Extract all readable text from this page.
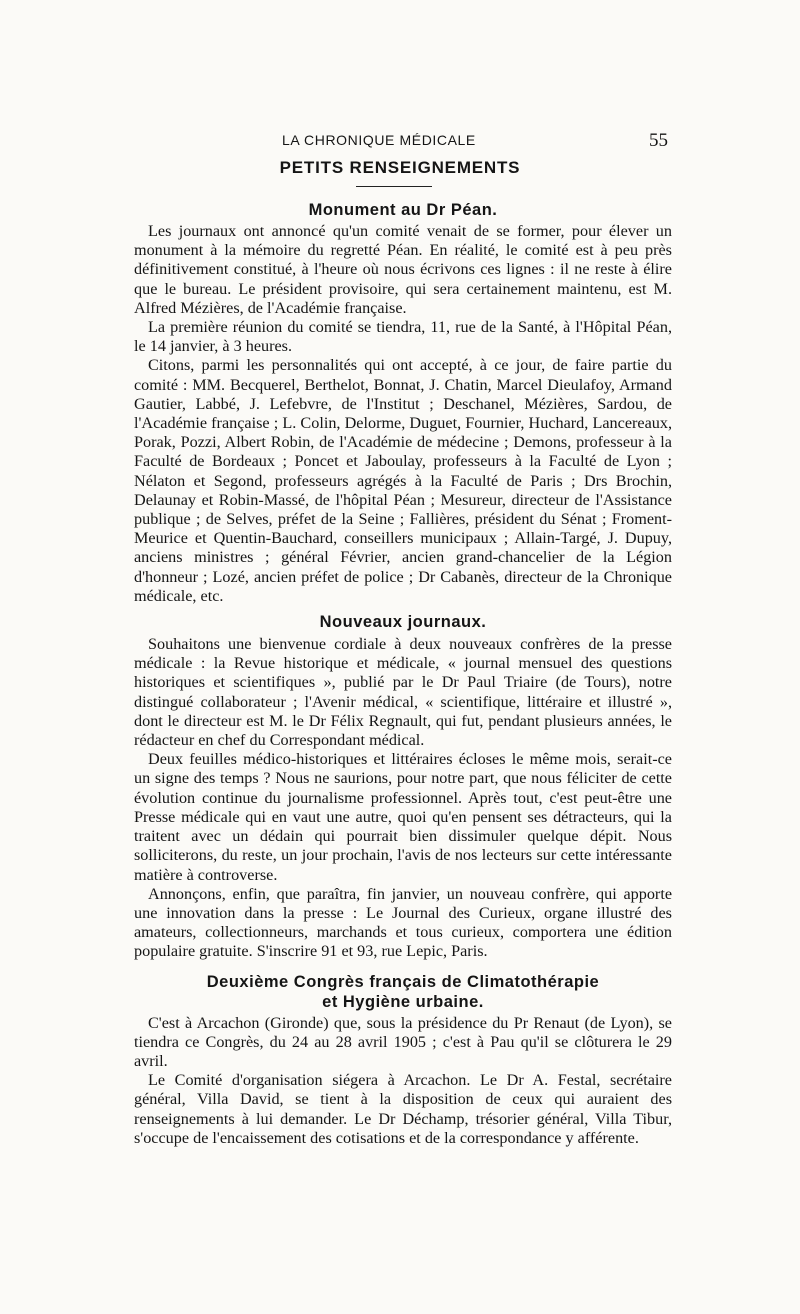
LA CHRONIQUE MÉDICALE	55
PETITS RENSEIGNEMENTS
Monument au Dr Péan.

Les journaux ont annoncé qu'un comité venait de se former, pour élever un monument à la mémoire du regretté Péan. En réalité, le comité est à peu près définitivement constitué, à l'heure où nous écrivons ces lignes : il ne reste à élire que le bureau. Le président provisoire, qui sera certainement maintenu, est M. Alfred Mézières, de l'Académie française.

La première réunion du comité se tiendra, 11, rue de la Santé, à l'Hôpital Péan, le 14 janvier, à 3 heures.

Citons, parmi les personnalités qui ont accepté, à ce jour, de faire partie du comité : MM. Becquerel, Berthelot, Bonnat, J. Chatin, Marcel Dieulafoy, Armand Gautier, Labbé, J. Lefebvre, de l'Institut ; Deschanel, Mézières, Sardou, de l'Académie française ; L. Colin, Delorme, Duguet, Fournier, Huchard, Lancereaux, Porak, Pozzi, Albert Robin, de l'Académie de médecine ; Demons, professeur à la Faculté de Bordeaux ; Poncet et Jaboulay, professeurs à la Faculté de Lyon ; Nélaton et Segond, professeurs agrégés à la Faculté de Paris ; Drs Brochin, Delaunay et Robin-Massé, de l'hôpital Péan ; Mesureur, directeur de l'Assistance publique ; de Selves, préfet de la Seine ; Fallières, président du Sénat ; Froment-Meurice et Quentin-Bauchard, conseillers municipaux ; Allain-Targé, J. Dupuy, anciens ministres ; général Février, ancien grand-chancelier de la Légion d'honneur ; Lozé, ancien préfet de police ; Dr Cabanès, directeur de la Chronique médicale, etc.

Nouveaux journaux.

Souhaitons une bienvenue cordiale à deux nouveaux confrères de la presse médicale : la Revue historique et médicale, « journal mensuel des questions historiques et scientifiques », publié par le Dr Paul Triaire (de Tours), notre distingué collaborateur ; l'Avenir médical, « scientifique, littéraire et illustré », dont le directeur est M. le Dr Félix Regnault, qui fut, pendant plusieurs années, le rédacteur en chef du Correspondant médical.

Deux feuilles médico-historiques et littéraires écloses le même mois, serait-ce un signe des temps ? Nous ne saurions, pour notre part, que nous féliciter de cette évolution continue du journalisme professionnel. Après tout, c'est peut-être une Presse médicale qui en vaut une autre, quoi qu'en pensent ses détracteurs, qui la traitent avec un dédain qui pourrait bien dissimuler quelque dépit. Nous solliciterons, du reste, un jour prochain, l'avis de nos lecteurs sur cette intéressante matière à controverse.

Annonçons, enfin, que paraîtra, fin janvier, un nouveau confrère, qui apporte une innovation dans la presse : Le Journal des Curieux, organe illustré des amateurs, collectionneurs, marchands et tous curieux, comportera une édition populaire gratuite. S'inscrire 91 et 93, rue Lepic, Paris.

Deuxième Congrès français de Climatothérapie
et Hygiène urbaine.

C'est à Arcachon (Gironde) que, sous la présidence du Pr Renaut (de Lyon), se tiendra ce Congrès, du 24 au 28 avril 1905 ; c'est à Pau qu'il se clôturera le 29 avril.

Le Comité d'organisation siégera à Arcachon. Le Dr A. Festal, secrétaire général, Villa David, se tient à la disposition de ceux qui auraient des renseignements à lui demander. Le Dr Déchamp, trésorier général, Villa Tibur, s'occupe de l'encaissement des cotisations et de la correspondance y afférente.
